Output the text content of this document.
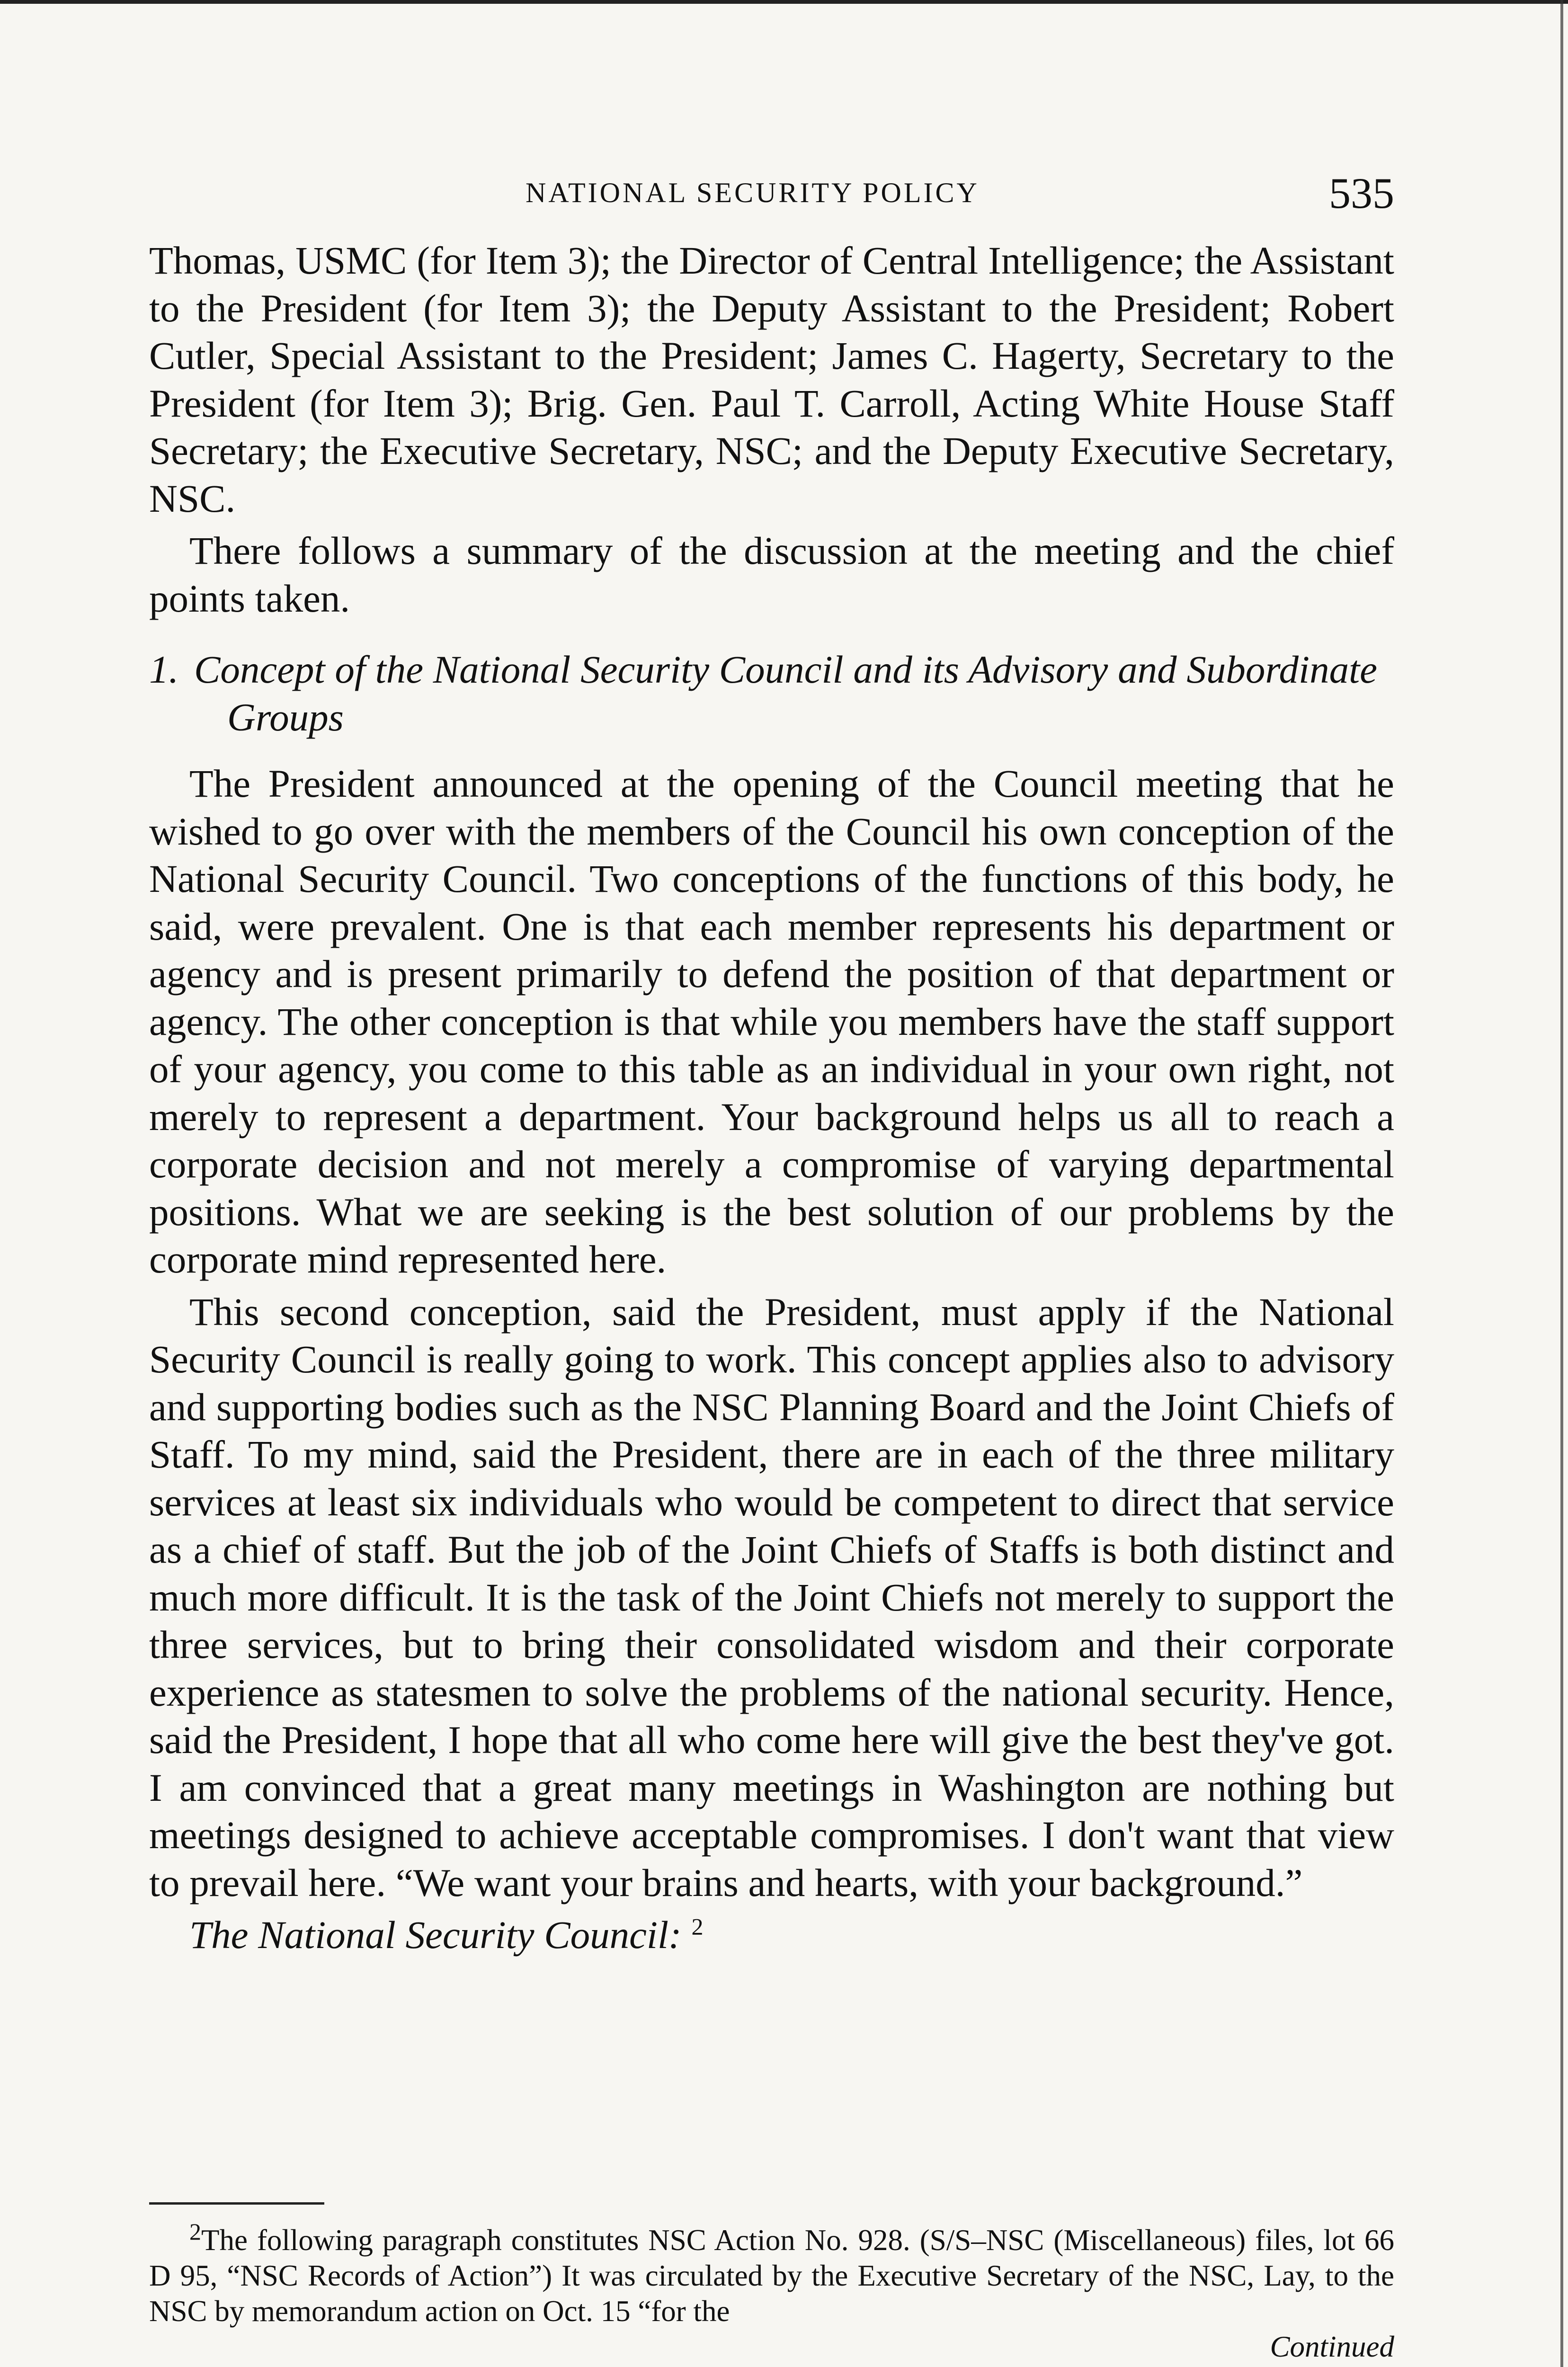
NATIONAL SECURITY POLICY	535

Thomas, USMC (for Item 3); the Director of Central Intelligence; the Assistant to the President (for Item 3); the Deputy Assistant to the President; Robert Cutler, Special Assistant to the President; James C. Hagerty, Secretary to the President (for Item 3); Brig. Gen. Paul T. Carroll, Acting White House Staff Secretary; the Executive Secretary, NSC; and the Deputy Executive Secretary, NSC.

There follows a summary of the discussion at the meeting and the chief points taken.

1. Concept of the National Security Council and its Advisory and Subordinate Groups

The President announced at the opening of the Council meeting that he wished to go over with the members of the Council his own conception of the National Security Council. Two conceptions of the functions of this body, he said, were prevalent. One is that each member represents his department or agency and is present primarily to defend the position of that department or agency. The other conception is that while you members have the staff support of your agency, you come to this table as an individual in your own right, not merely to represent a department. Your background helps us all to reach a corporate decision and not merely a compromise of varying departmental positions. What we are seeking is the best solution of our problems by the corporate mind represented here.

This second conception, said the President, must apply if the National Security Council is really going to work. This concept applies also to advisory and supporting bodies such as the NSC Planning Board and the Joint Chiefs of Staff. To my mind, said the President, there are in each of the three military services at least six individuals who would be competent to direct that service as a chief of staff. But the job of the Joint Chiefs of Staffs is both distinct and much more difficult. It is the task of the Joint Chiefs not merely to support the three services, but to bring their consolidated wisdom and their corporate experience as statesmen to solve the problems of the national security. Hence, said the President, I hope that all who come here will give the best they've got. I am convinced that a great many meetings in Washington are nothing but meetings designed to achieve acceptable compromises. I don't want that view to prevail here. “We want your brains and hearts, with your background.”

The National Security Council: $^2$

$^2$The following paragraph constitutes NSC Action No. 928. (S/S–NSC (Miscellaneous) files, lot 66 D 95, “NSC Records of Action”) It was circulated by the Executive Secretary of the NSC, Lay, to the NSC by memorandum action on Oct. 15 “for the

Continued
